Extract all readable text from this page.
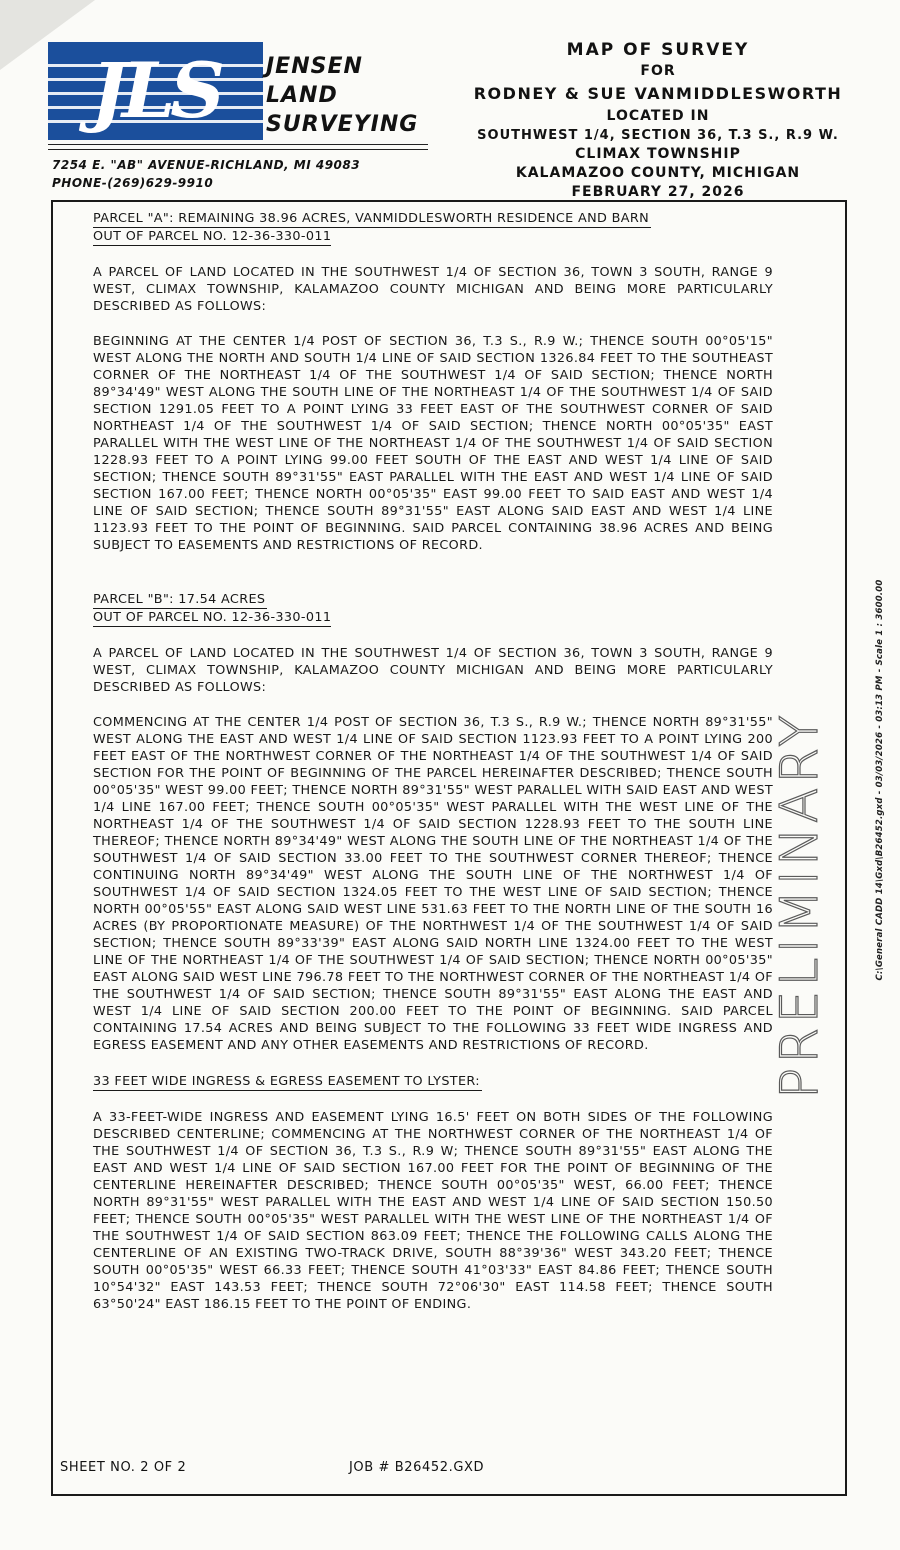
JLS	JENSEN
LAND
SURVEYING
7254 E. "AB" AVENUE-RICHLAND, MI 49083
PHONE-(269)629-9910
MAP OF SURVEY
FOR
RODNEY & SUE VANMIDDLESWORTH
LOCATED IN
SOUTHWEST 1/4, SECTION 36, T.3 S., R.9 W.
CLIMAX TOWNSHIP
KALAMAZOO COUNTY, MICHIGAN
FEBRUARY 27, 2026
PARCEL "A": REMAINING 38.96 ACRES, VANMIDDLESWORTH RESIDENCE AND BARN
OUT OF PARCEL NO. 12-36-330-011

A PARCEL OF LAND LOCATED IN THE SOUTHWEST 1/4 OF SECTION 36, TOWN 3 SOUTH, RANGE 9 WEST, CLIMAX TOWNSHIP, KALAMAZOO COUNTY MICHIGAN AND BEING MORE PARTICULARLY DESCRIBED AS FOLLOWS:

BEGINNING AT THE CENTER 1/4 POST OF SECTION 36, T.3 S., R.9 W.; THENCE SOUTH 00°05'15" WEST ALONG THE NORTH AND SOUTH 1/4 LINE OF SAID SECTION 1326.84 FEET TO THE SOUTHEAST CORNER OF THE NORTHEAST 1/4 OF THE SOUTHWEST 1/4 OF SAID SECTION; THENCE NORTH 89°34'49" WEST ALONG THE SOUTH LINE OF THE NORTHEAST 1/4 OF THE SOUTHWEST 1/4 OF SAID SECTION 1291.05 FEET TO A POINT LYING 33 FEET EAST OF THE SOUTHWEST CORNER OF SAID NORTHEAST 1/4 OF THE SOUTHWEST 1/4 OF SAID SECTION; THENCE NORTH 00°05'35" EAST PARALLEL WITH THE WEST LINE OF THE NORTHEAST 1/4 OF THE SOUTHWEST 1/4 OF SAID SECTION 1228.93 FEET TO A POINT LYING 99.00 FEET SOUTH OF THE EAST AND WEST 1/4 LINE OF SAID SECTION; THENCE SOUTH 89°31'55" EAST PARALLEL WITH THE EAST AND WEST 1/4 LINE OF SAID SECTION 167.00 FEET; THENCE NORTH 00°05'35" EAST 99.00 FEET TO SAID EAST AND WEST 1/4 LINE OF SAID SECTION; THENCE SOUTH 89°31'55" EAST ALONG SAID EAST AND WEST 1/4 LINE 1123.93 FEET TO THE POINT OF BEGINNING. SAID PARCEL CONTAINING 38.96 ACRES AND BEING SUBJECT TO EASEMENTS AND RESTRICTIONS OF RECORD.

PARCEL "B": 17.54 ACRES
OUT OF PARCEL NO. 12-36-330-011

A PARCEL OF LAND LOCATED IN THE SOUTHWEST 1/4 OF SECTION 36, TOWN 3 SOUTH, RANGE 9 WEST, CLIMAX TOWNSHIP, KALAMAZOO COUNTY MICHIGAN AND BEING MORE PARTICULARLY DESCRIBED AS FOLLOWS:

COMMENCING AT THE CENTER 1/4 POST OF SECTION 36, T.3 S., R.9 W.; THENCE NORTH 89°31'55" WEST ALONG THE EAST AND WEST 1/4 LINE OF SAID SECTION 1123.93 FEET TO A POINT LYING 200 FEET EAST OF THE NORTHWEST CORNER OF THE NORTHEAST 1/4 OF THE SOUTHWEST 1/4 OF SAID SECTION FOR THE POINT OF BEGINNING OF THE PARCEL HEREINAFTER DESCRIBED; THENCE SOUTH 00°05'35" WEST 99.00 FEET; THENCE NORTH 89°31'55" WEST PARALLEL WITH SAID EAST AND WEST 1/4 LINE 167.00 FEET; THENCE SOUTH 00°05'35" WEST PARALLEL WITH THE WEST LINE OF THE NORTHEAST 1/4 OF THE SOUTHWEST 1/4 OF SAID SECTION 1228.93 FEET TO THE SOUTH LINE THEREOF; THENCE NORTH 89°34'49" WEST ALONG THE SOUTH LINE OF THE NORTHEAST 1/4 OF THE SOUTHWEST 1/4 OF SAID SECTION 33.00 FEET TO THE SOUTHWEST CORNER THEREOF; THENCE CONTINUING NORTH 89°34'49" WEST ALONG THE SOUTH LINE OF THE NORTHWEST 1/4 OF SOUTHWEST 1/4 OF SAID SECTION 1324.05 FEET TO THE WEST LINE OF SAID SECTION; THENCE NORTH 00°05'55" EAST ALONG SAID WEST LINE 531.63 FEET TO THE NORTH LINE OF THE SOUTH 16 ACRES (BY PROPORTIONATE MEASURE) OF THE NORTHWEST 1/4 OF THE SOUTHWEST 1/4 OF SAID SECTION; THENCE SOUTH 89°33'39" EAST ALONG SAID NORTH LINE 1324.00 FEET TO THE WEST LINE OF THE NORTHEAST 1/4 OF THE SOUTHWEST 1/4 OF SAID SECTION; THENCE NORTH 00°05'35" EAST ALONG SAID WEST LINE 796.78 FEET TO THE NORTHWEST CORNER OF THE NORTHEAST 1/4 OF THE SOUTHWEST 1/4 OF SAID SECTION; THENCE SOUTH 89°31'55" EAST ALONG THE EAST AND WEST 1/4 LINE OF SAID SECTION 200.00 FEET TO THE POINT OF BEGINNING. SAID PARCEL CONTAINING 17.54 ACRES AND BEING SUBJECT TO THE FOLLOWING 33 FEET WIDE INGRESS AND EGRESS EASEMENT AND ANY OTHER EASEMENTS AND RESTRICTIONS OF RECORD.

33 FEET WIDE INGRESS & EGRESS EASEMENT TO LYSTER:

A 33-FEET-WIDE INGRESS AND EASEMENT LYING 16.5' FEET ON BOTH SIDES OF THE FOLLOWING DESCRIBED CENTERLINE; COMMENCING AT THE NORTHWEST CORNER OF THE NORTHEAST 1/4 OF THE SOUTHWEST 1/4 OF SECTION 36, T.3 S., R.9 W; THENCE SOUTH 89°31'55" EAST ALONG THE EAST AND WEST 1/4 LINE OF SAID SECTION 167.00 FEET FOR THE POINT OF BEGINNING OF THE CENTERLINE HEREINAFTER DESCRIBED; THENCE SOUTH 00°05'35" WEST, 66.00 FEET; THENCE NORTH 89°31'55" WEST PARALLEL WITH THE EAST AND WEST 1/4 LINE OF SAID SECTION 150.50 FEET; THENCE SOUTH 00°05'35" WEST PARALLEL WITH THE WEST LINE OF THE NORTHEAST 1/4 OF THE SOUTHWEST 1/4 OF SAID SECTION 863.09 FEET; THENCE THE FOLLOWING CALLS ALONG THE CENTERLINE OF AN EXISTING TWO-TRACK DRIVE, SOUTH 88°39'36" WEST 343.20 FEET; THENCE SOUTH 00°05'35" WEST 66.33 FEET; THENCE SOUTH 41°03'33" EAST 84.86 FEET; THENCE SOUTH 10°54'32" EAST 143.53 FEET; THENCE SOUTH 72°06'30" EAST 114.58 FEET; THENCE SOUTH 63°50'24" EAST 186.15 FEET TO THE POINT OF ENDING.

PRELIMINARY	C:\General CADD 14\Gxd\B26452.gxd - 03/03/2026 - 03:13 PM - Scale 1 : 3600.00
SHEET NO. 2 OF 2	JOB # B26452.GXD
